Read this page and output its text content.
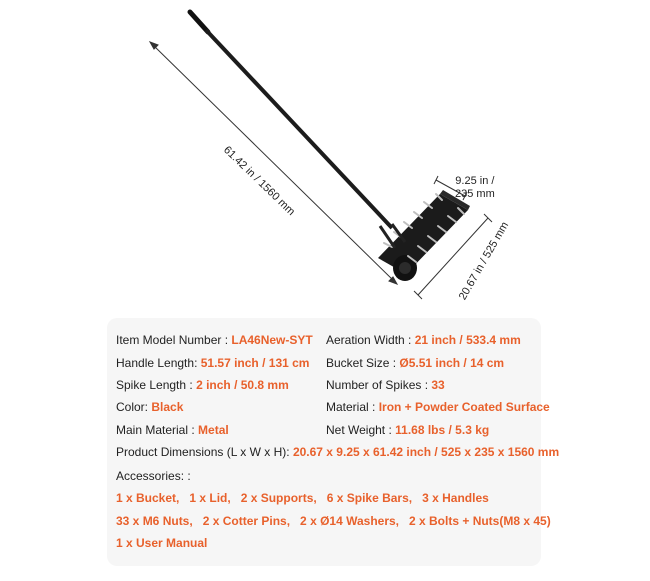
61.42 in / 1560 mm	9.25 in /
235 mm
20.67 in / 525 mm
Item Model Number : LA46New-SYT Aeration Width : 21 inch / 533.4 mm
Handle Length: 51.57 inch / 131 cm Bucket Size : Ø5.51 inch / 14 cm
Spike Length : 2 inch / 50.8 mm	Number of Spikes : 33
Color: Black	Material : Iron + Powder Coated Surface
Main Material : Metal	Net Weight : 11.68 lbs / 5.3 kg
Product Dimensions (L x W x H): 20.67 x 9.25 x 61.42 inch / 525 x 235 x 1560 mm
Accessories: :
1 x Bucket,   1 x Lid,   2 x Supports,   6 x Spike Bars,   3 x Handles
33 x M6 Nuts,   2 x Cotter Pins,   2 x Ø14 Washers,   2 x Bolts + Nuts(M8 x 45)
1 x User Manual
